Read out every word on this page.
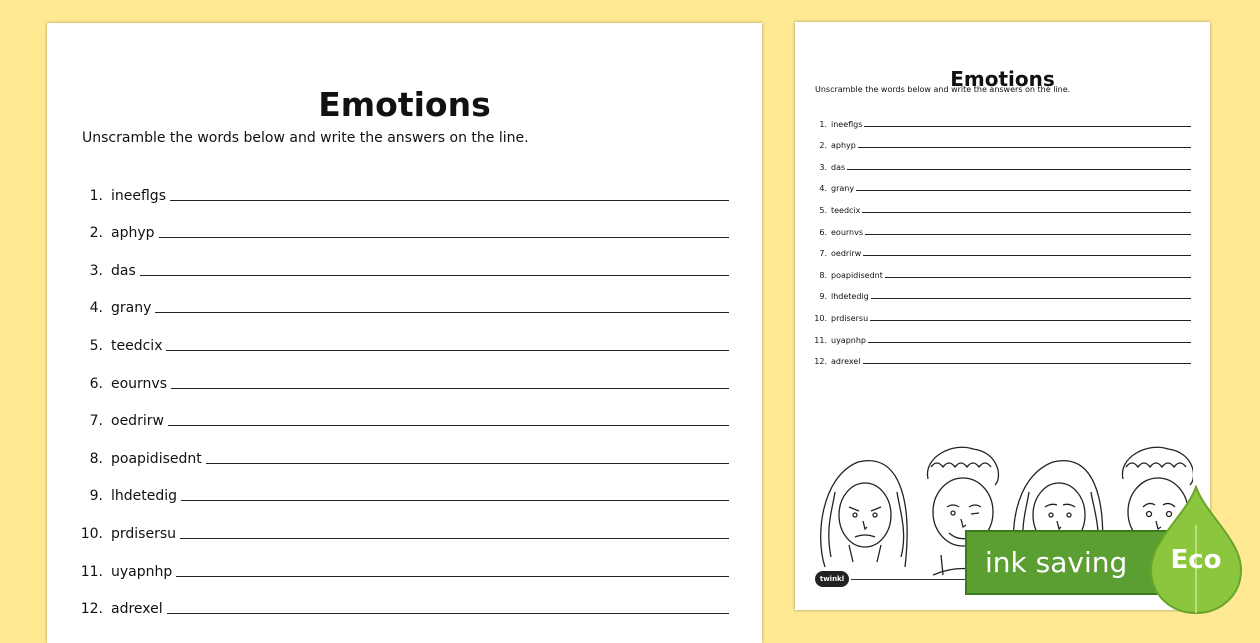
Emotions
Unscramble the words below and write the answers on the line.
1. ineeflgs
2. aphyp
3. das
4. grany
5. teedcix
6. eournvs
7. oedrirw
8. poapidisednt
9. lhdetedig
10. prdisersu
11. uyapnhp
12. adrexel
Emotions
Unscramble the words below and write the answers on the line.
1. ineeflgs
2. aphyp
3. das
4. grany
5. teedcix
6. eournvs
7. oedrirw
8. poapidisednt
9. lhdetedig
10. prdisersu
11. uyapnhp
12. adrexel
twinkl	ink saving	Eco
